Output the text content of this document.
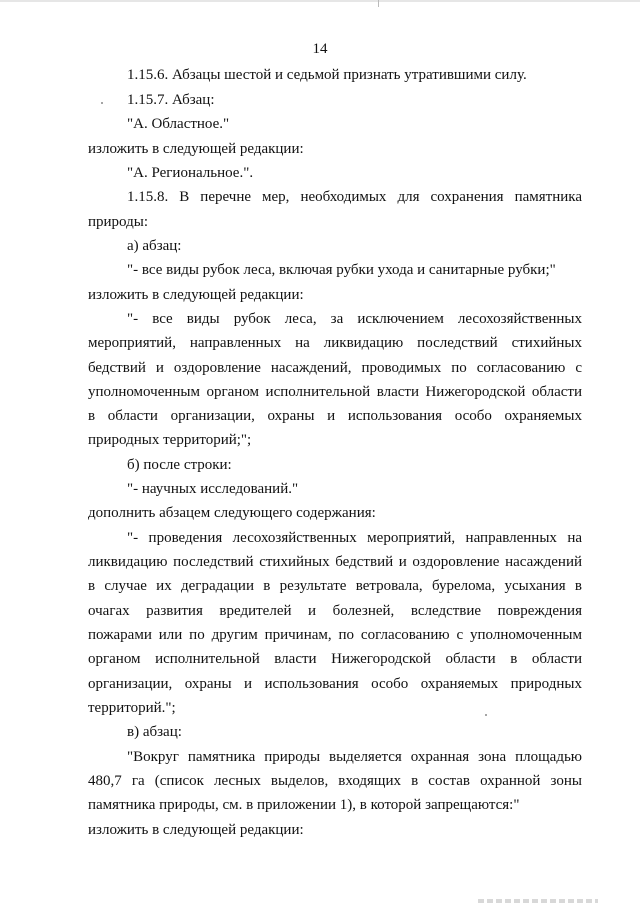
14
1.15.6. Абзацы шестой и седьмой признать утратившими силу.
1.15.7. Абзац:
"А. Областное."
изложить в следующей редакции:
"А. Региональное.".
1.15.8. В перечне мер, необходимых для сохранения памятника
природы:
а) абзац:
"- все виды рубок леса, включая рубки ухода и санитарные рубки;"
изложить в следующей редакции:
"- все виды рубок леса, за исключением лесохозяйственных
мероприятий, направленных на ликвидацию последствий стихийных
бедствий и оздоровление насаждений, проводимых по согласованию с
уполномоченным органом исполнительной власти Нижегородской области
в области организации, охраны и использования особо охраняемых
природных территорий;";
б) после строки:
"- научных исследований."
дополнить абзацем следующего содержания:
"- проведения лесохозяйственных мероприятий, направленных на
ликвидацию последствий стихийных бедствий и оздоровление насаждений
в случае их деградации в результате ветровала, бурелома, усыхания в
очагах развития вредителей и болезней, вследствие повреждения
пожарами или по другим причинам, по согласованию с уполномоченным
органом исполнительной власти Нижегородской области в области
организации, охраны и использования особо охраняемых природных
территорий.";
в) абзац:
"Вокруг памятника природы выделяется охранная зона площадью
480,7 га (список лесных выделов, входящих в состав охранной зоны
памятника природы, см. в приложении 1), в которой запрещаются:"
изложить в следующей редакции:
